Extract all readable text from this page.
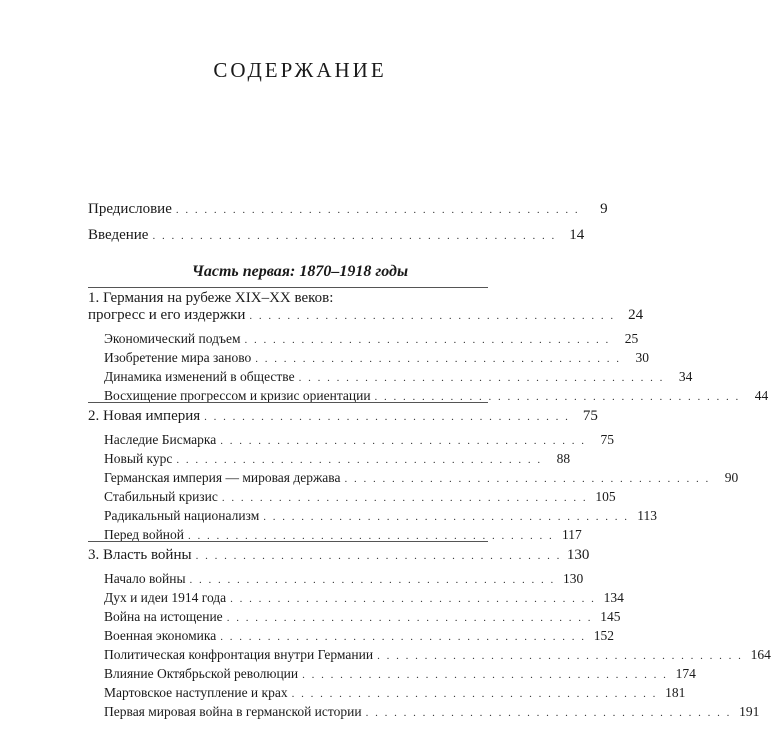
СОДЕРЖАНИЕ
Предисловие . . . . . . . . . . . . . . . . . . . . . . . . . . . . . . . . . . . . . . . . . . .	9
Введение . . . . . . . . . . . . . . . . . . . . . . . . . . . . . . . . . . . . . . . . . . . 14
Часть первая: 1870–1918 годы
1. Германия на рубеже XIX–XX веков:
прогресс и его издержки . . . . . . . . . . . . . . . . . . . . . . . . . . . . . . . . . . . . . . . 24
Экономический подъем . . . . . . . . . . . . . . . . . . . . . . . . . . . . . . . . . . . . . . .	25
Изобретение мира заново . . . . . . . . . . . . . . . . . . . . . . . . . . . . . . . . . . . . . . .	30
Динамика изменений в обществе . . . . . . . . . . . . . . . . . . . . . . . . . . . . . . . . . . . . . . .	34
Восхищение прогрессом и кризис ориентации . . . . . . . . . . . . . . . . . . . . . . . . . . . . . . . . . . . . . . .	44
2. Новая империя . . . . . . . . . . . . . . . . . . . . . . . . . . . . . . . . . . . . . . . 75
Наследие Бисмарка . . . . . . . . . . . . . . . . . . . . . . . . . . . . . . . . . . . . . . .	75
Новый курс . . . . . . . . . . . . . . . . . . . . . . . . . . . . . . . . . . . . . . .	88
Германская империя — мировая держава . . . . . . . . . . . . . . . . . . . . . . . . . . . . . . . . . . . . . . .	90
Стабильный кризис . . . . . . . . . . . . . . . . . . . . . . . . . . . . . . . . . . . . . . . 105
Радикальный национализм . . . . . . . . . . . . . . . . . . . . . . . . . . . . . . . . . . . . . . . 113
Перед войной . . . . . . . . . . . . . . . . . . . . . . . . . . . . . . . . . . . . . . . 117
3. Власть войны . . . . . . . . . . . . . . . . . . . . . . . . . . . . . . . . . . . . . . . 130
Начало войны . . . . . . . . . . . . . . . . . . . . . . . . . . . . . . . . . . . . . . . 130
Дух и идеи 1914 года . . . . . . . . . . . . . . . . . . . . . . . . . . . . . . . . . . . . . . . 134
Война на истощение . . . . . . . . . . . . . . . . . . . . . . . . . . . . . . . . . . . . . . . 145
Военная экономика . . . . . . . . . . . . . . . . . . . . . . . . . . . . . . . . . . . . . . . 152
Политическая конфронтация внутри Германии . . . . . . . . . . . . . . . . . . . . . . . . . . . . . . . . . . . . . . . 164
Влияние Октябрьской революции . . . . . . . . . . . . . . . . . . . . . . . . . . . . . . . . . . . . . . . 174
Мартовское наступление и крах . . . . . . . . . . . . . . . . . . . . . . . . . . . . . . . . . . . . . . . 181
Первая мировая война в германской истории . . . . . . . . . . . . . . . . . . . . . . . . . . . . . . . . . . . . . . . 191
